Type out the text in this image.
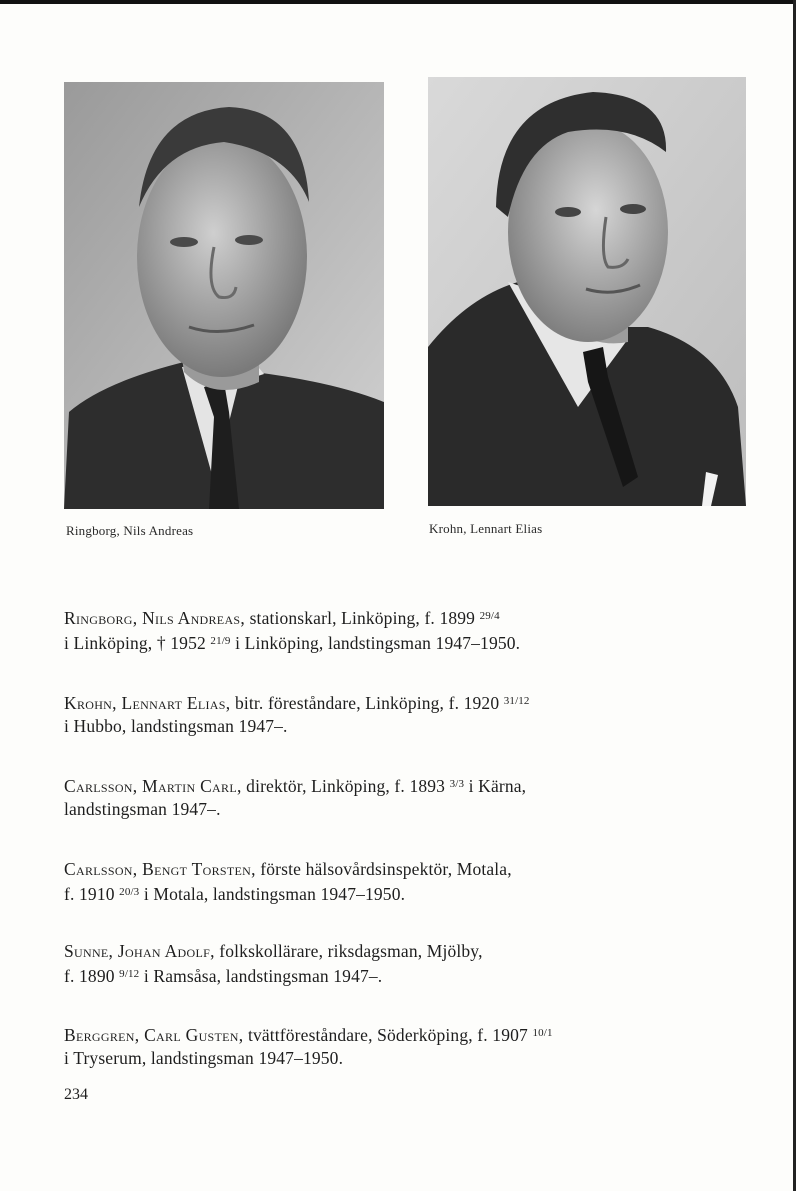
Ringborg, Nils Andreas	Krohn, Lennart Elias
Ringborg, Nils Andreas, stationskarl, Linköping, f. 1899 $^{29/4}$
i Linköping, † 1952 $^{21/9}$ i Linköping, landstingsman 1947–1950.
Krohn, Lennart Elias, bitr. föreståndare, Linköping, f. 1920 $^{31/12}$
i Hubbo, landstingsman 1947–.
Carlsson, Martin Carl, direktör, Linköping, f. 1893 $^{3/3}$ i Kärna,
landstingsman 1947–.
Carlsson, Bengt Torsten, förste hälsovårdsinspektör, Motala,
f. 1910 $^{20/3}$ i Motala, landstingsman 1947–1950.
Sunne, Johan Adolf, folkskollärare, riksdagsman, Mjölby,
f. 1890 $^{9/12}$ i Ramsåsa, landstingsman 1947–.
Berggren, Carl Gusten, tvättföreståndare, Söderköping, f. 1907 $^{10/1}$
i Tryserum, landstingsman 1947–1950.
234
